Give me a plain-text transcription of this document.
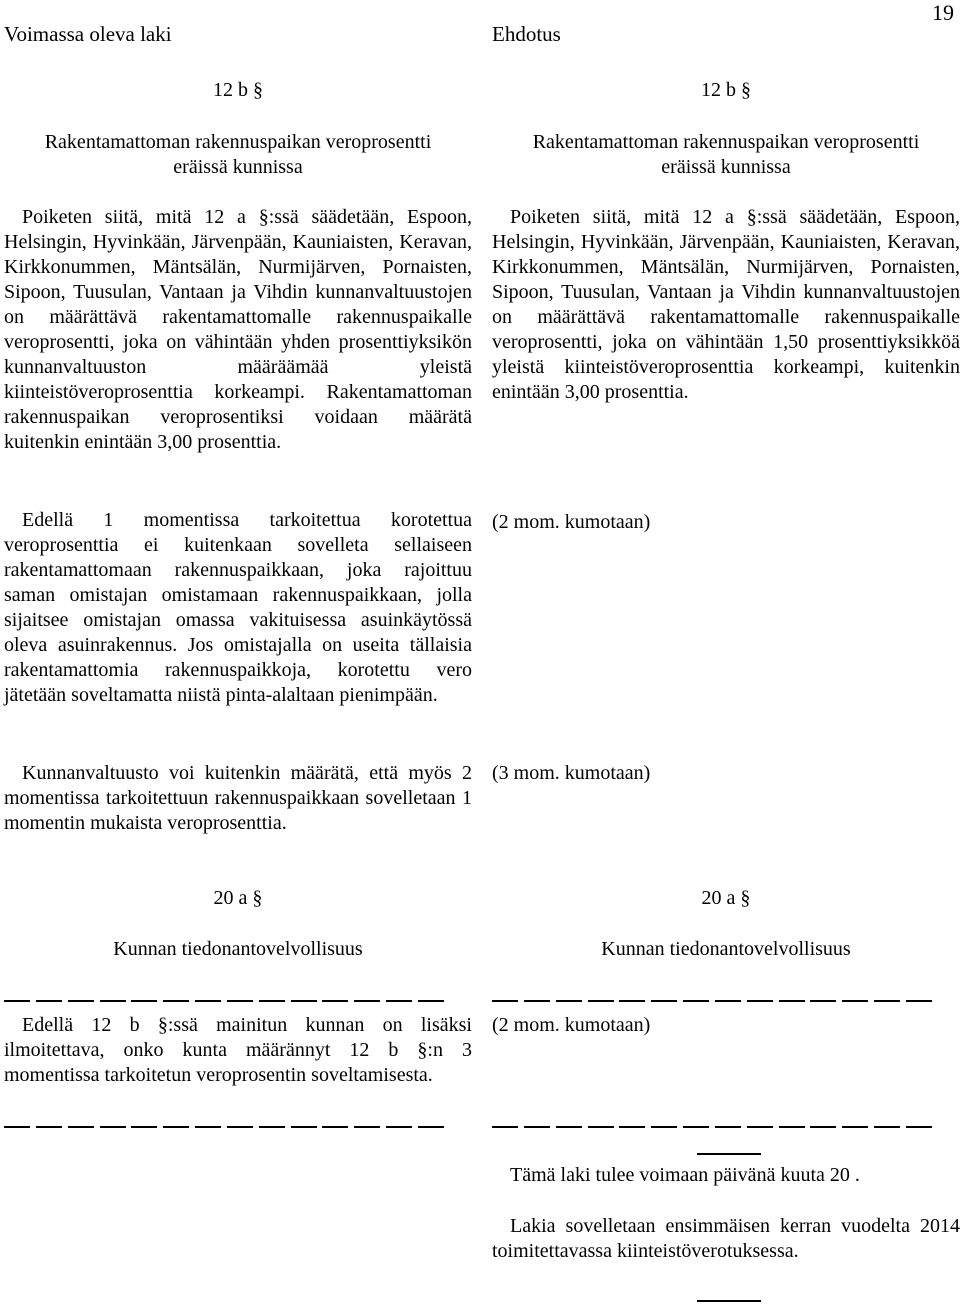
19
Voimassa oleva laki
12 b §
Rakentamattoman rakennuspaikan veroprosentti eräissä kunnissa
Poiketen siitä, mitä 12 a §:ssä säädetään, Espoon, Helsingin, Hyvinkään, Järvenpään, Kauniaisten, Keravan, Kirkkonummen, Mäntsälän, Nurmijärven, Pornaisten, Sipoon, Tuusulan, Vantaan ja Vihdin kunnanvaltuustojen on määrättävä rakentamattomalle rakennuspaikalle veroprosentti, joka on vähintään yhden prosenttiyksikön kunnanvaltuuston määräämää yleistä kiinteistöveroprosenttia korkeampi. Rakentamattoman rakennuspaikan veroprosentiksi voidaan määrätä kuitenkin enintään 3,00 prosenttia.
Edellä 1 momentissa tarkoitettua korotettua veroprosenttia ei kuitenkaan sovelleta sellaiseen rakentamattomaan rakennuspaikkaan, joka rajoittuu saman omistajan omistamaan rakennuspaikkaan, jolla sijaitsee omistajan omassa vakituisessa asuinkäytössä oleva asuinrakennus. Jos omistajalla on useita tällaisia rakentamattomia rakennuspaikkoja, korotettu vero jätetään soveltamatta niistä pinta-alaltaan pienimpään.
Kunnanvaltuusto voi kuitenkin määrätä, että myös 2 momentissa tarkoitettuun rakennuspaikkaan sovelletaan 1 momentin mukaista veroprosenttia.
20 a §
Kunnan tiedonantovelvollisuus
Edellä 12 b §:ssä mainitun kunnan on lisäksi ilmoitettava, onko kunta määrännyt 12 b §:n 3 momentissa tarkoitetun veroprosentin soveltamisesta.
Ehdotus
12 b §
Rakentamattoman rakennuspaikan veroprosentti eräissä kunnissa
Poiketen siitä, mitä 12 a §:ssä säädetään, Espoon, Helsingin, Hyvinkään, Järvenpään, Kauniaisten, Keravan, Kirkkonummen, Mäntsälän, Nurmijärven, Pornaisten, Sipoon, Tuusulan, Vantaan ja Vihdin kunnanvaltuustojen on määrättävä rakentamattomalle rakennuspaikalle veroprosentti, joka on vähintään 1,50 prosenttiyksikköä yleistä kiinteistöveroprosenttia korkeampi, kuitenkin enintään 3,00 prosenttia.
(2 mom. kumotaan)
(3 mom. kumotaan)
20 a §
Kunnan tiedonantovelvollisuus
(2 mom. kumotaan)
Tämä laki tulee voimaan päivänä kuuta 20 .
Lakia sovelletaan ensimmäisen kerran vuodelta 2014 toimitettavassa kiinteistöverotuksessa.
